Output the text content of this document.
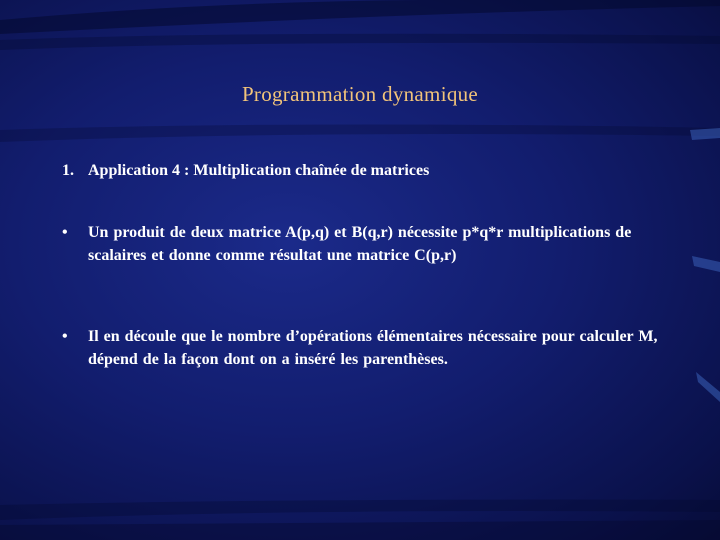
Programmation dynamique
1. Application 4 : Multiplication chaînée de matrices
• Un produit de deux matrice A(p,q) et B(q,r) nécessite p*q*r multiplications de scalaires et donne comme résultat une matrice C(p,r)
• Il en découle que le nombre d’opérations élémentaires nécessaire pour calculer M, dépend de la façon dont on a inséré les parenthèses.
